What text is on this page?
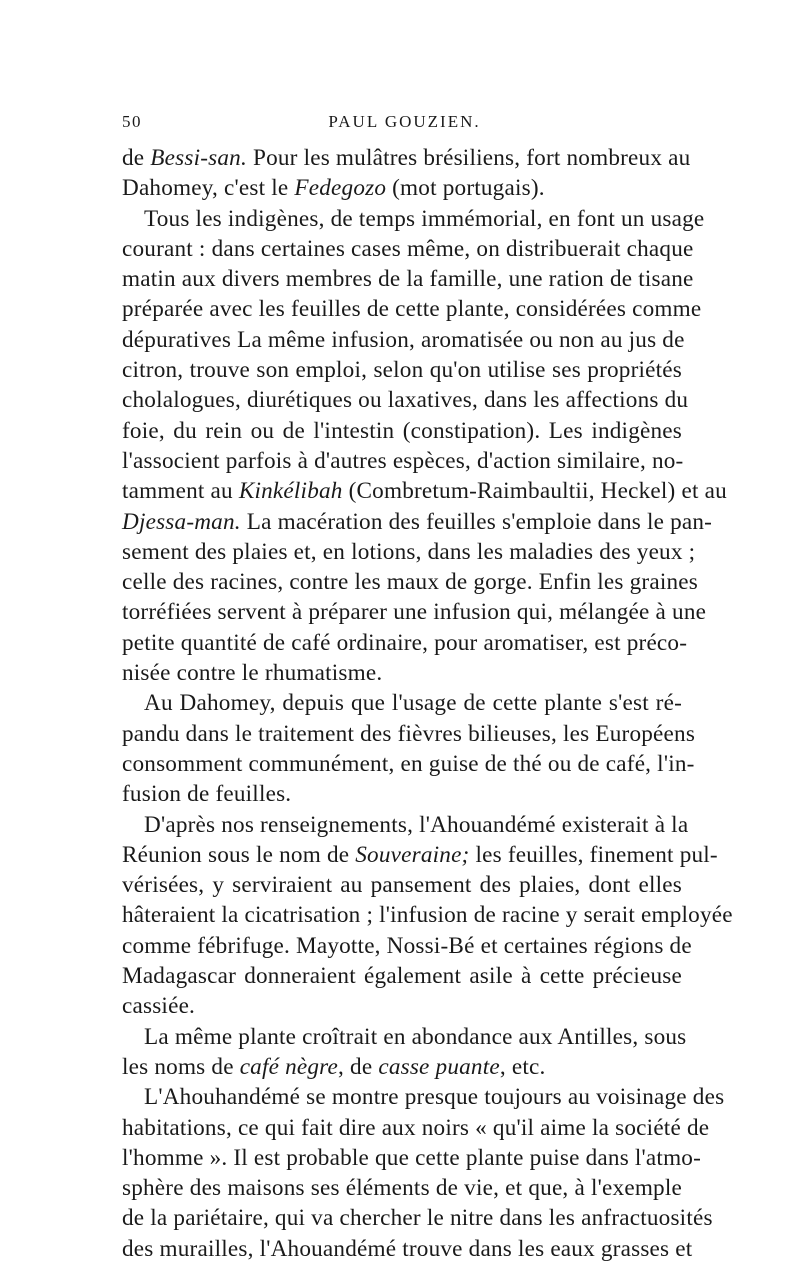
50	PAUL GOUZIEN.
de Bessi-san. Pour les mulâtres brésiliens, fort nombreux au
Dahomey, c'est le Fedegozo (mot portugais).
Tous les indigènes, de temps immémorial, en font un usage
courant : dans certaines cases même, on distribuerait chaque
matin aux divers membres de la famille, une ration de tisane
préparée avec les feuilles de cette plante, considérées comme
dépuratives La même infusion, aromatisée ou non au jus de
citron, trouve son emploi, selon qu'on utilise ses propriétés
cholalogues, diurétiques ou laxatives, dans les affections du
foie, du rein ou de l'intestin (constipation). Les indigènes
l'associent parfois à d'autres espèces, d'action similaire, no-
tamment au Kinkélibah (Combretum-Raimbaultii, Heckel) et au
Djessa-man. La macération des feuilles s'emploie dans le pan-
sement des plaies et, en lotions, dans les maladies des yeux ;
celle des racines, contre les maux de gorge. Enfin les graines
torréfiées servent à préparer une infusion qui, mélangée à une
petite quantité de café ordinaire, pour aromatiser, est préco-
nisée contre le rhumatisme.
Au Dahomey, depuis que l'usage de cette plante s'est ré-
pandu dans le traitement des fièvres bilieuses, les Européens
consomment communément, en guise de thé ou de café, l'in-
fusion de feuilles.
D'après nos renseignements, l'Ahouandémé existerait à la
Réunion sous le nom de Souveraine; les feuilles, finement pul-
vérisées, y serviraient au pansement des plaies, dont elles
hâteraient la cicatrisation ; l'infusion de racine y serait employée
comme fébrifuge. Mayotte, Nossi-Bé et certaines régions de
Madagascar donneraient également asile à cette précieuse
cassiée.
La même plante croîtrait en abondance aux Antilles, sous
les noms de café nègre, de casse puante, etc.
L'Ahouhandémé se montre presque toujours au voisinage des
habitations, ce qui fait dire aux noirs « qu'il aime la société de
l'homme ». Il est probable que cette plante puise dans l'atmo-
sphère des maisons ses éléments de vie, et que, à l'exemple
de la pariétaire, qui va chercher le nitre dans les anfractuosités
des murailles, l'Ahouandémé trouve dans les eaux grasses et
